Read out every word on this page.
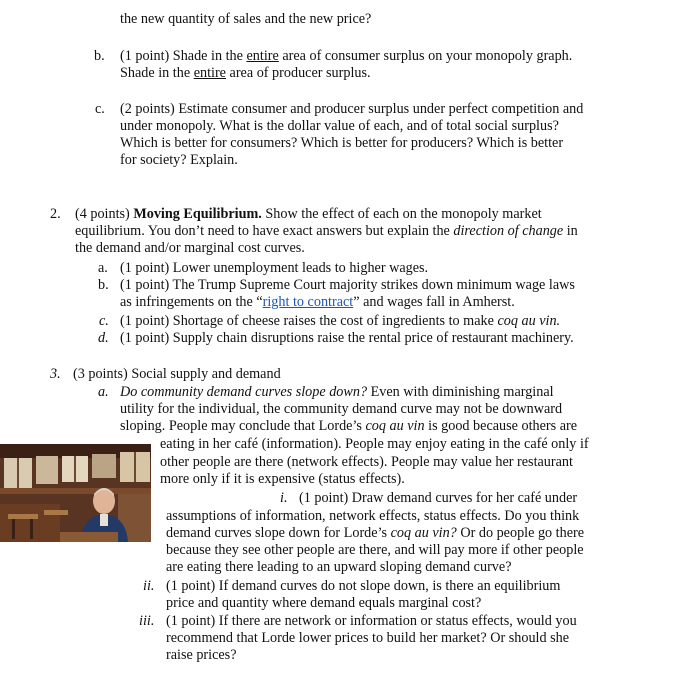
the new quantity of sales and the new price?
b. (1 point) Shade in the entire area of consumer surplus on your monopoly graph.
Shade in the entire area of producer surplus.
c. (2 points) Estimate consumer and producer surplus under perfect competition and
under monopoly. What is the dollar value of each, and of total social surplus?
Which is better for consumers? Which is better for producers? Which is better
for society? Explain.
2. (4 points) Moving Equilibrium. Show the effect of each on the monopoly market
equilibrium. You don’t need to have exact answers but explain the direction of change in
the demand and/or marginal cost curves.
a. (1 point) Lower unemployment leads to higher wages.
b. (1 point) The Trump Supreme Court majority strikes down minimum wage laws
as infringements on the “right to contract” and wages fall in Amherst.
c. (1 point) Shortage of cheese raises the cost of ingredients to make coq au vin.
d. (1 point) Supply chain disruptions raise the rental price of restaurant machinery.
3. (3 points) Social supply and demand
a. Do community demand curves slope down? Even with diminishing marginal
utility for the individual, the community demand curve may not be downward
sloping. People may conclude that Lorde’s coq au vin is good because others are
eating in her café (information). People may enjoy eating in the café only if
other people are there (network effects). People may value her restaurant
more only if it is expensive (status effects).
i. (1 point) Draw demand curves for her café under
assumptions of information, network effects, status effects. Do you think
demand curves slope down for Lorde’s coq au vin? Or do people go there
because they see other people are there, and will pay more if other people
are eating there leading to an upward sloping demand curve?
ii. (1 point) If demand curves do not slope down, is there an equilibrium
price and quantity where demand equals marginal cost?
iii. (1 point) If there are network or information or status effects, would you
recommend that Lorde lower prices to build her market? Or should she
raise prices?
